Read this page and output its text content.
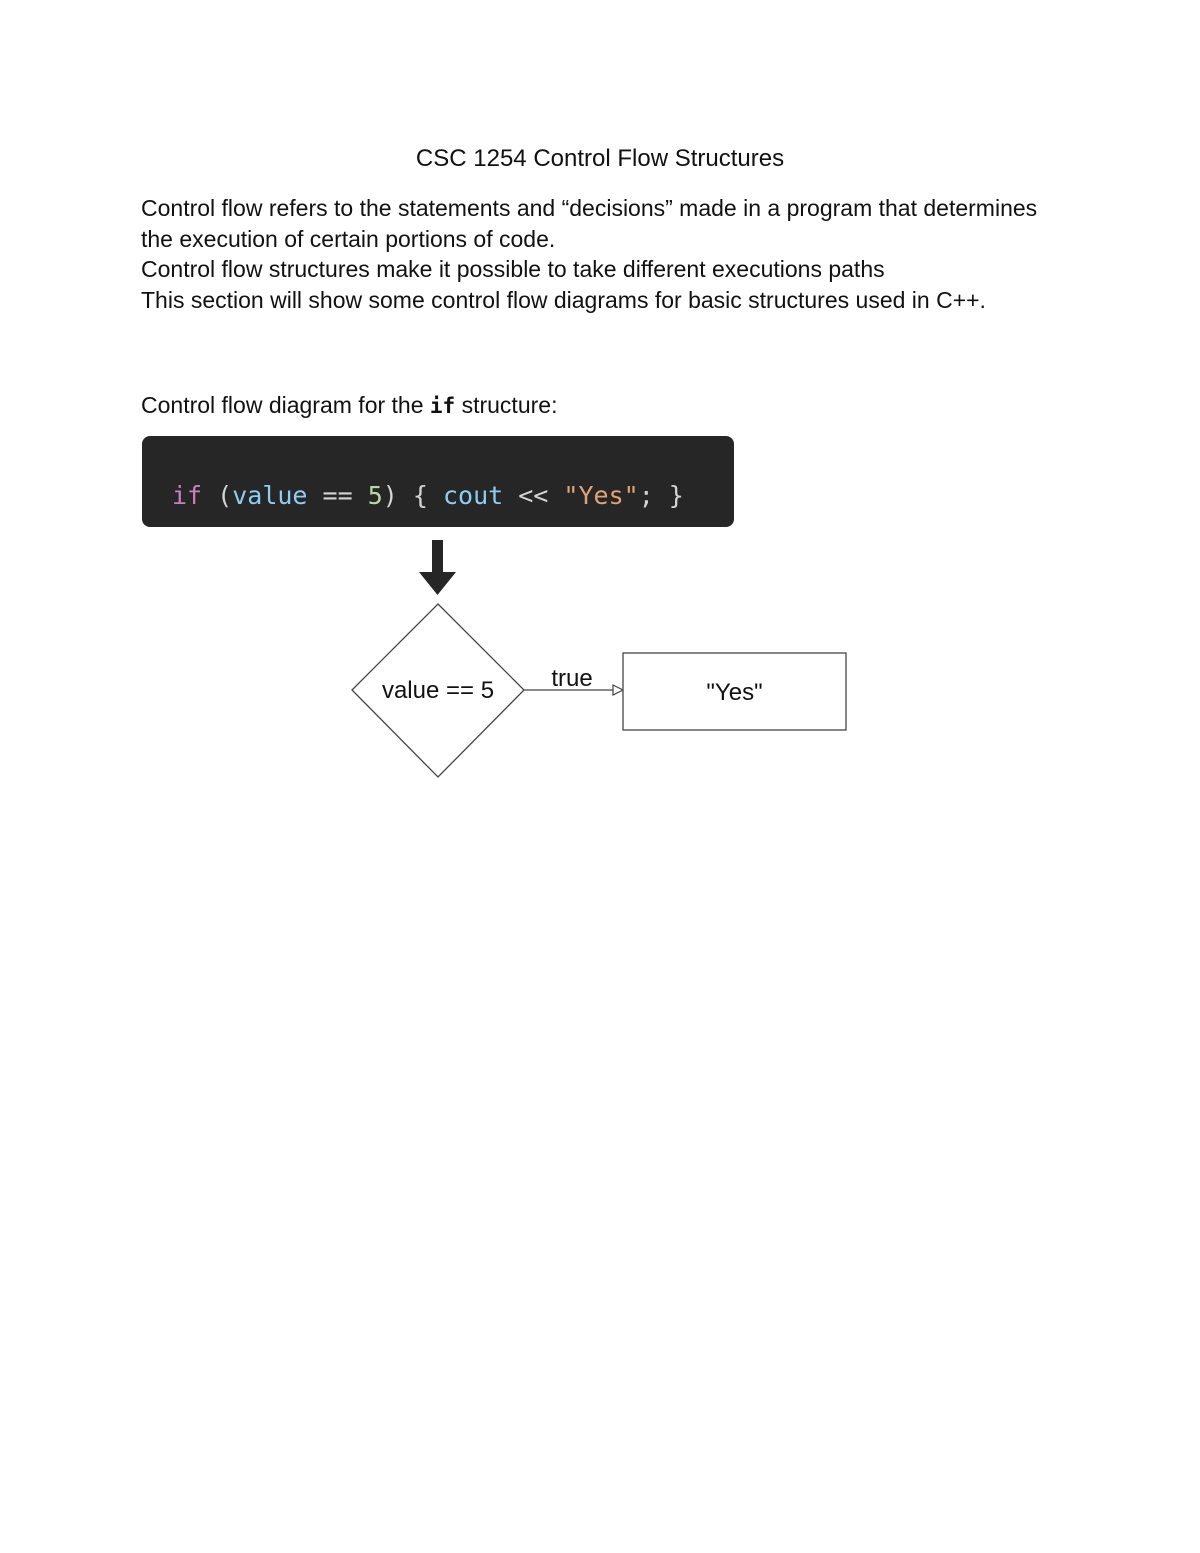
CSC 1254 Control Flow Structures
Control flow refers to the statements and “decisions” made in a program that determines
the execution of certain portions of code.
Control flow structures make it possible to take different executions paths
This section will show some control flow diagrams for basic structures used in C++.
Control flow diagram for the if structure:
if (value == 5) { cout << "Yes"; }
value == 5 true
"Yes"
